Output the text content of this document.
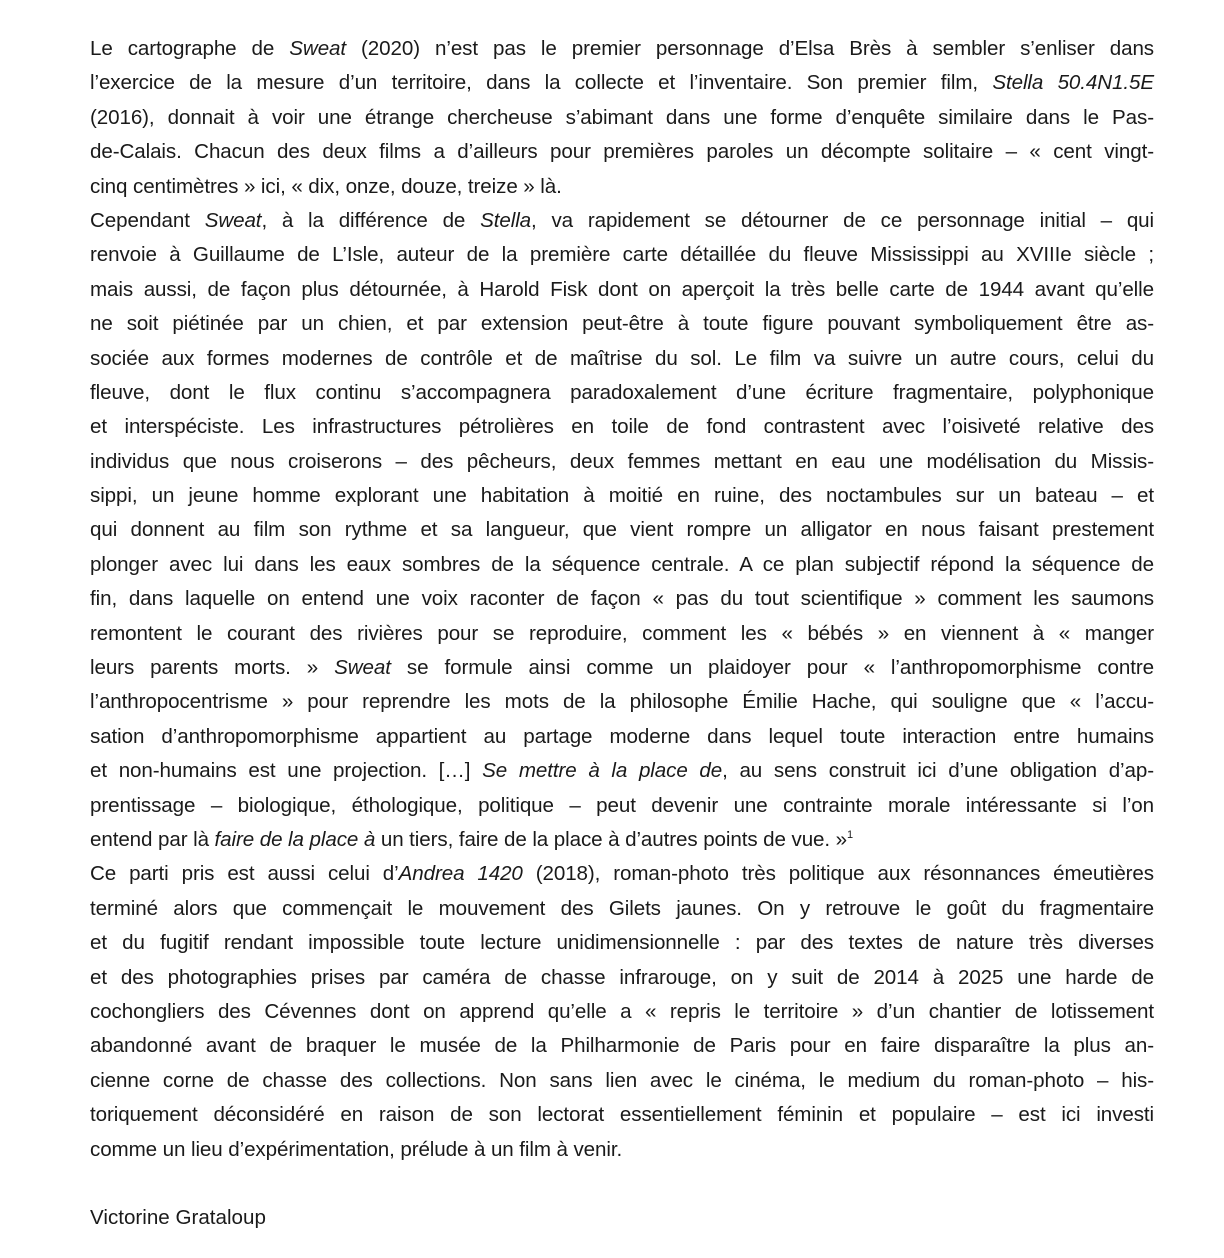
Le cartographe de Sweat (2020) n’est pas le premier personnage d’Elsa Brès à sembler s’enliser dans
l’exercice de la mesure d’un territoire, dans la collecte et l’inventaire. Son premier film, Stella 50.4N1.5E
(2016), donnait à voir une étrange chercheuse s’abimant dans une forme d’enquête similaire dans le Pas-
de-Calais. Chacun des deux films a d’ailleurs pour premières paroles un décompte solitaire – « cent vingt-
cinq centimètres » ici, « dix, onze, douze, treize » là.
Cependant Sweat, à la différence de Stella, va rapidement se détourner de ce personnage initial – qui
renvoie à Guillaume de L’Isle, auteur de la première carte détaillée du fleuve Mississippi au XVIIIe siècle ;
mais aussi, de façon plus détournée, à Harold Fisk dont on aperçoit la très belle carte de 1944 avant qu’elle
ne soit piétinée par un chien, et par extension peut-être à toute figure pouvant symboliquement être as-
sociée aux formes modernes de contrôle et de maîtrise du sol. Le film va suivre un autre cours, celui du
fleuve, dont le flux continu s’accompagnera paradoxalement d’une écriture fragmentaire, polyphonique
et interspéciste. Les infrastructures pétrolières en toile de fond contrastent avec l’oisiveté relative des
individus que nous croiserons – des pêcheurs, deux femmes mettant en eau une modélisation du Missis-
sippi, un jeune homme explorant une habitation à moitié en ruine, des noctambules sur un bateau – et
qui donnent au film son rythme et sa langueur, que vient rompre un alligator en nous faisant prestement
plonger avec lui dans les eaux sombres de la séquence centrale. A ce plan subjectif répond la séquence de
fin, dans laquelle on entend une voix raconter de façon « pas du tout scientifique » comment les saumons
remontent le courant des rivières pour se reproduire, comment les « bébés » en viennent à « manger
leurs parents morts. » Sweat se formule ainsi comme un plaidoyer pour « l’anthropomorphisme contre
l’anthropocentrisme » pour reprendre les mots de la philosophe Émilie Hache, qui souligne que « l’accu-
sation d’anthropomorphisme appartient au partage moderne dans lequel toute interaction entre humains
et non-humains est une projection. […] Se mettre à la place de, au sens construit ici d’une obligation d’ap-
prentissage – biologique, éthologique, politique – peut devenir une contrainte morale intéressante si l’on
entend par là faire de la place à un tiers, faire de la place à d’autres points de vue. »$^1$
Ce parti pris est aussi celui d’Andrea 1420 (2018), roman-photo très politique aux résonnances émeutières
terminé alors que commençait le mouvement des Gilets jaunes. On y retrouve le goût du fragmentaire
et du fugitif rendant impossible toute lecture unidimensionnelle : par des textes de nature très diverses
et des photographies prises par caméra de chasse infrarouge, on y suit de 2014 à 2025 une harde de
cochongliers des Cévennes dont on apprend qu’elle a « repris le territoire » d’un chantier de lotissement
abandonné avant de braquer le musée de la Philharmonie de Paris pour en faire disparaître la plus an-
cienne corne de chasse des collections. Non sans lien avec le cinéma, le medium du roman-photo – his-
toriquement déconsidéré en raison de son lectorat essentiellement féminin et populaire – est ici investi
comme un lieu d’expérimentation, prélude à un film à venir.
Victorine Grataloup
